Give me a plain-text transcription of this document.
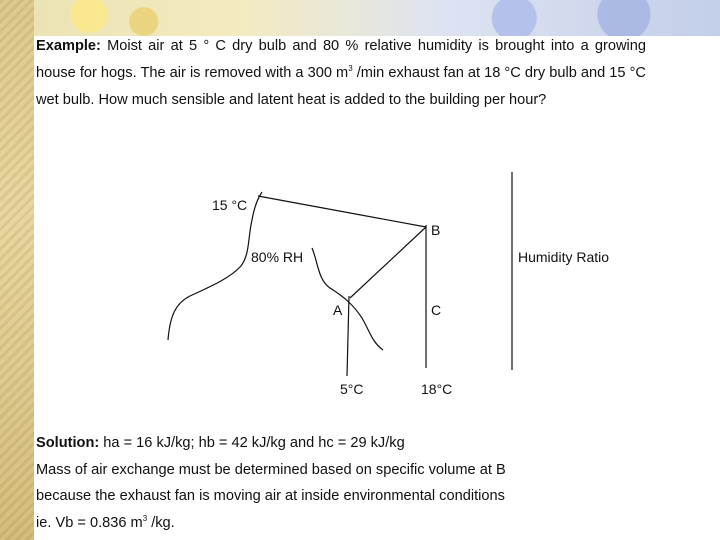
Example: Moist air at 5 ° C dry bulb and 80 % relative humidity is brought into a growing house for hogs. The air is removed with a 300 $m^3$ /min exhaust fan at 18 °C dry bulb and 15 °C wet bulb. How much sensible and latent heat is added to the building per hour?
15 °C
B
80% RH	Humidity Ratio
A	C
5°C	18°C
Solution: ha = 16 kJ/kg; hb = 42 kJ/kg and hc = 29 kJ/kg
Mass of air exchange must be determined based on specific volume at B
because the exhaust fan is moving air at inside environmental conditions
ie. Vb = 0.836 $m^3$ /kg.
